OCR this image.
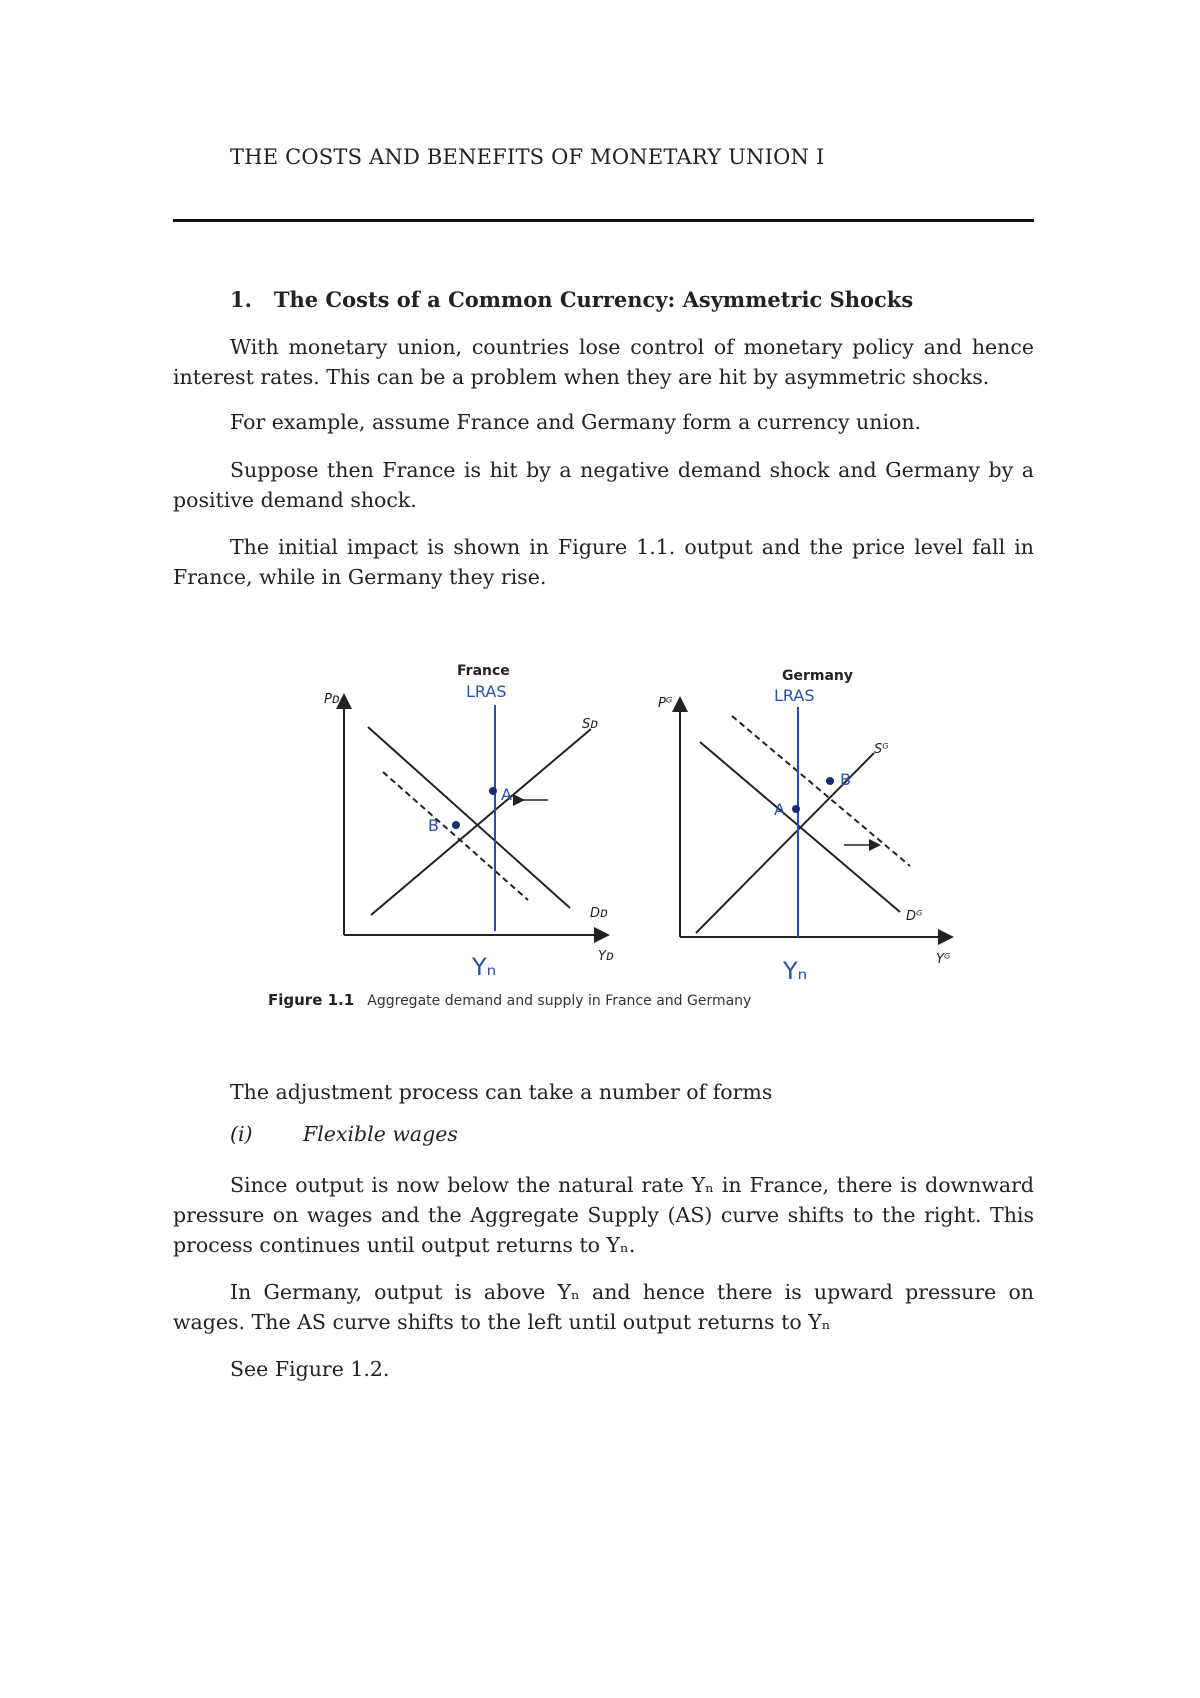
THE COSTS AND BENEFITS OF MONETARY UNION I
1.   The Costs of a Common Currency: Asymmetric Shocks

With monetary union, countries lose control of monetary policy and hence interest rates. This can be a problem when they are hit by asymmetric shocks.

For example, assume France and Germany form a currency union.

Suppose then France is hit by a negative demand shock and Germany by a positive demand shock.

The initial impact is shown in Figure 1.1. output and the price level fall in France, while in Germany they rise.

France
Pᴅ
Yᴅ
Sᴅ
Dᴅ
LRAS
A
B
Yₙ
Germany
Pᴳ
Yᴳ
Sᴳ
Dᴳ
LRAS
A
B
Yₙ
Figure 1.1 Aggregate demand and supply in France and Germany

The adjustment process can take a number of forms

(i) Flexible wages

Since output is now below the natural rate Yₙ in France, there is downward pressure on wages and the Aggregate Supply (AS) curve shifts to the right. This process continues until output returns to Yₙ.

In Germany, output is above Yₙ and hence there is upward pressure on wages. The AS curve shifts to the left until output returns to Yₙ

See Figure 1.2.
